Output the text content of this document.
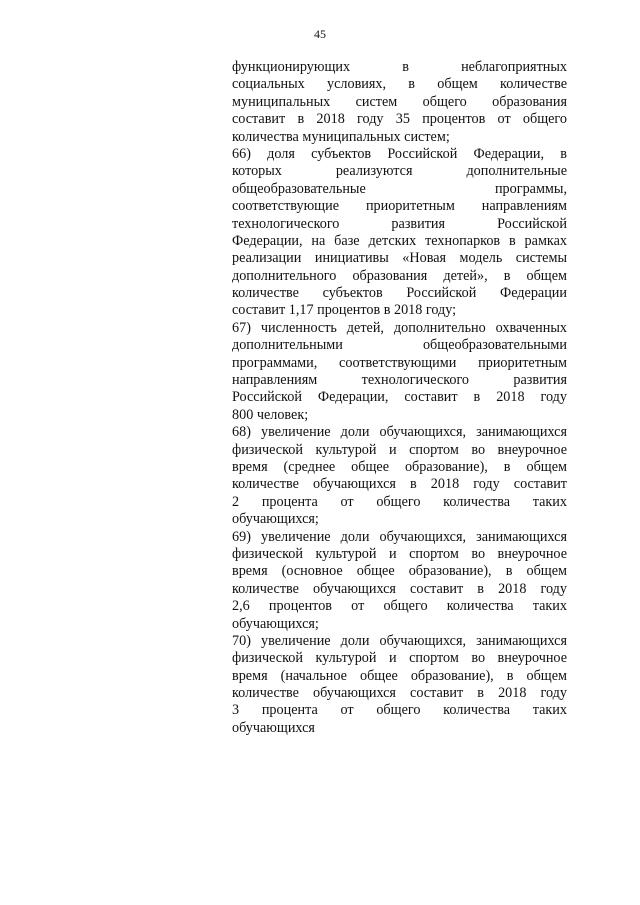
45
функционирующих в неблагоприятных
социальных условиях, в общем количестве
муниципальных систем общего образования
составит в 2018 году 35 процентов от общего
количества муниципальных систем;
66) доля субъектов Российской Федерации, в
которых реализуются дополнительные
общеобразовательные программы,
соответствующие приоритетным направлениям
технологического развития Российской
Федерации, на базе детских технопарков в рамках
реализации инициативы «Новая модель системы
дополнительного образования детей», в общем
количестве субъектов Российской Федерации
составит 1,17 процентов в 2018 году;
67) численность детей, дополнительно охваченных
дополнительными общеобразовательными
программами, соответствующими приоритетным
направлениям технологического развития
Российской Федерации, составит в 2018 году
800 человек;
68) увеличение доли обучающихся, занимающихся
физической культурой и спортом во внеурочное
время (среднее общее образование), в общем
количестве обучающихся в 2018 году составит
2 процента от общего количества таких
обучающихся;
69) увеличение доли обучающихся, занимающихся
физической культурой и спортом во внеурочное
время (основное общее образование), в общем
количестве обучающихся составит в 2018 году
2,6 процентов от общего количества таких
обучающихся;
70) увеличение доли обучающихся, занимающихся
физической культурой и спортом во внеурочное
время (начальное общее образование), в общем
количестве обучающихся составит в 2018 году
3 процента от общего количества таких
обучающихся
